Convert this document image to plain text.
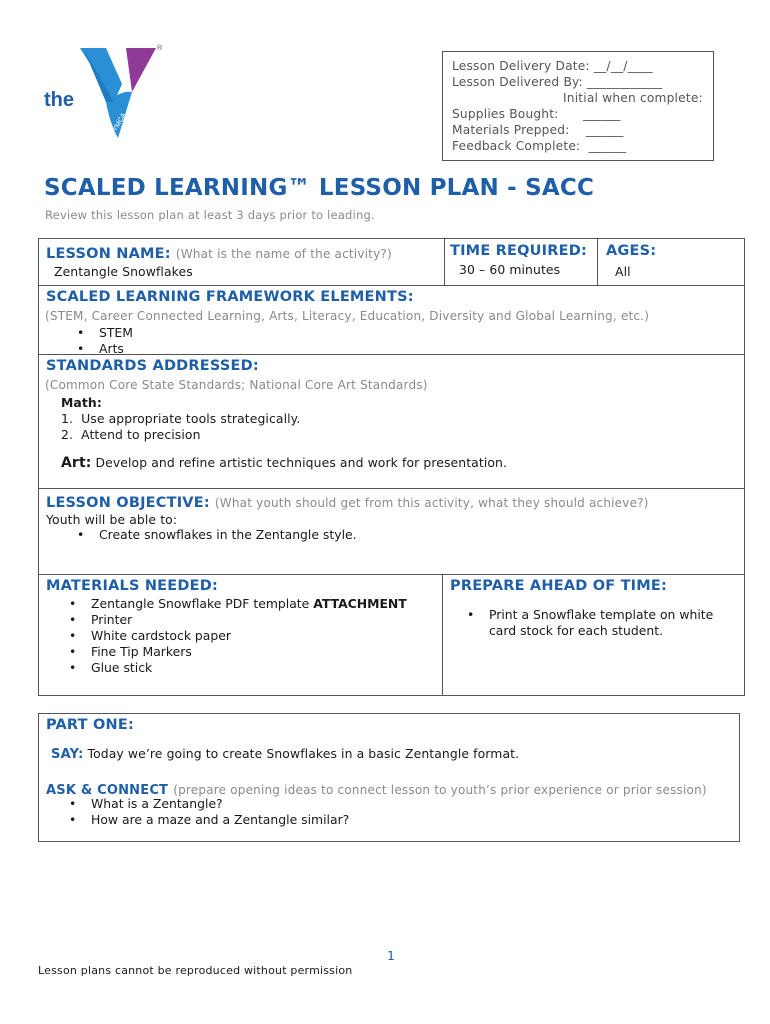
the
YMCA
®
Lesson Delivery Date: __/__/____
Lesson Delivered By: ____________
Initial when complete:
Supplies Bought:      ______
Materials Prepped:    ______
Feedback Complete:  ______
SCALED LEARNING™ LESSON PLAN - SACC
Review this lesson plan at least 3 days prior to leading.
LESSON NAME: (What is the name of the activity?)
Zentangle Snowflakes
TIME REQUIRED:
30 – 60 minutes
AGES:
All
SCALED LEARNING FRAMEWORK ELEMENTS:
(STEM, Career Connected Learning, Arts, Literacy, Education, Diversity and Global Learning, etc.)
• STEM
• Arts
STANDARDS ADDRESSED:
(Common Core State Standards; National Core Art Standards)
Math:
1.  Use appropriate tools strategically.
2.  Attend to precision
Art: Develop and refine artistic techniques and work for presentation.
LESSON OBJECTIVE: (What youth should get from this activity, what they should achieve?)
Youth will be able to:
• Create snowflakes in the Zentangle style.
MATERIALS NEEDED:
• Zentangle Snowflake PDF template ATTACHMENT
• Printer
• White cardstock paper
• Fine Tip Markers
• Glue stick
PREPARE AHEAD OF TIME:
• Print a Snowflake template on white card stock for each student.
PART ONE:
SAY: Today we’re going to create Snowflakes in a basic Zentangle format.
ASK & CONNECT (prepare opening ideas to connect lesson to youth’s prior experience or prior session)
• What is a Zentangle?
• How are a maze and a Zentangle similar?
1
Lesson plans cannot be reproduced without permission
